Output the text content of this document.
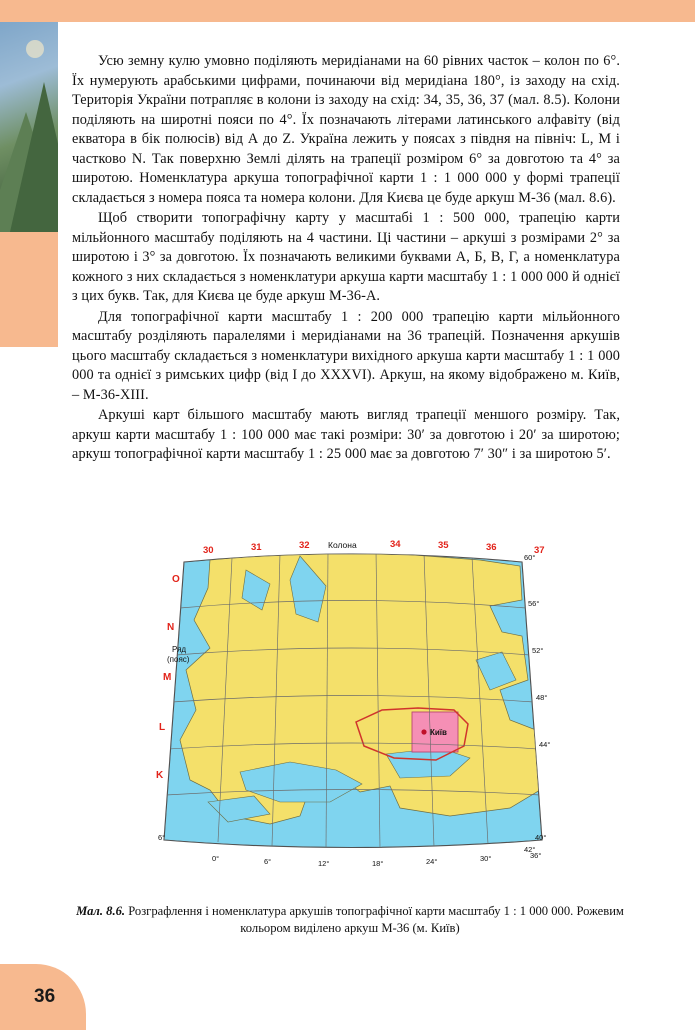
36

Усю земну кулю умовно поділяють меридіанами на 60 рівних часток – колон по 6°. Їх нумерують арабськими цифрами, починаючи від меридіана 180°, із заходу на схід. Територія України потрапляє в колони із заходу на схід: 34, 35, 36, 37 (мал. 8.5). Колони поділяють на широтні пояси по 4°. Їх позначають літерами латинського алфавіту (від екватора в бік полюсів) від А до Z. Україна лежить у поясах з півдня на північ: L, M i частково N. Так поверхню Землі ділять на трапеції розміром 6° за довготою та 4° за широтою. Номенклатура аркуша топографічної карти 1 : 1 000 000 у формі трапеції складається з номера пояса та номера колони. Для Києва це буде аркуш М-36 (мал. 8.6).

Щоб створити топографічну карту у масштабі 1 : 500 000, трапецію карти мільйонного масштабу поділяють на 4 частини. Ці частини – аркуші з розмірами 2° за широтою і 3° за довготою. Їх позначають великими буквами А, Б, В, Г, а номенклатура кожного з них складається з номенклатури аркуша карти масштабу 1 : 1 000 000 й однієї з цих букв. Так, для Києва це буде аркуш М-36-А.

Для топографічної карти масштабу 1 : 200 000 трапецію карти мільйонного масштабу розділяють паралелями і меридіанами на 36 трапецій. Позначення аркушів цього масштабу складається з номенклатури вихідного аркуша карти масштабу 1 : 1 000 000 та однієї з римських цифр (від I до XXXVI). Аркуш, на якому відображено м. Київ, – М-36-XIII.

Аркуші карт більшого масштабу мають вигляд трапеції меншого розміру. Так, аркуш карти масштабу 1 : 100 000 має такі розміри: 30′ за довготою і 20′ за широтою; аркуш топографічної карти масштабу 1 : 25 000 має за довготою 7′ 30″ і за широтою 5′.

30	31	32	34	35	36	37
Колона
O
N
M
L
K
Ряд
(пояс)
60°
56°
52°
48°
44°
40°
6°
42°
0°	6°	12°	18°	24°	30°	36°
Київ
Мал. 8.6. Розграфлення і номенклатура аркушів топографічної карти масштабу 1 : 1 000 000. Рожевим кольором виділено аркуш М-36 (м. Київ)
